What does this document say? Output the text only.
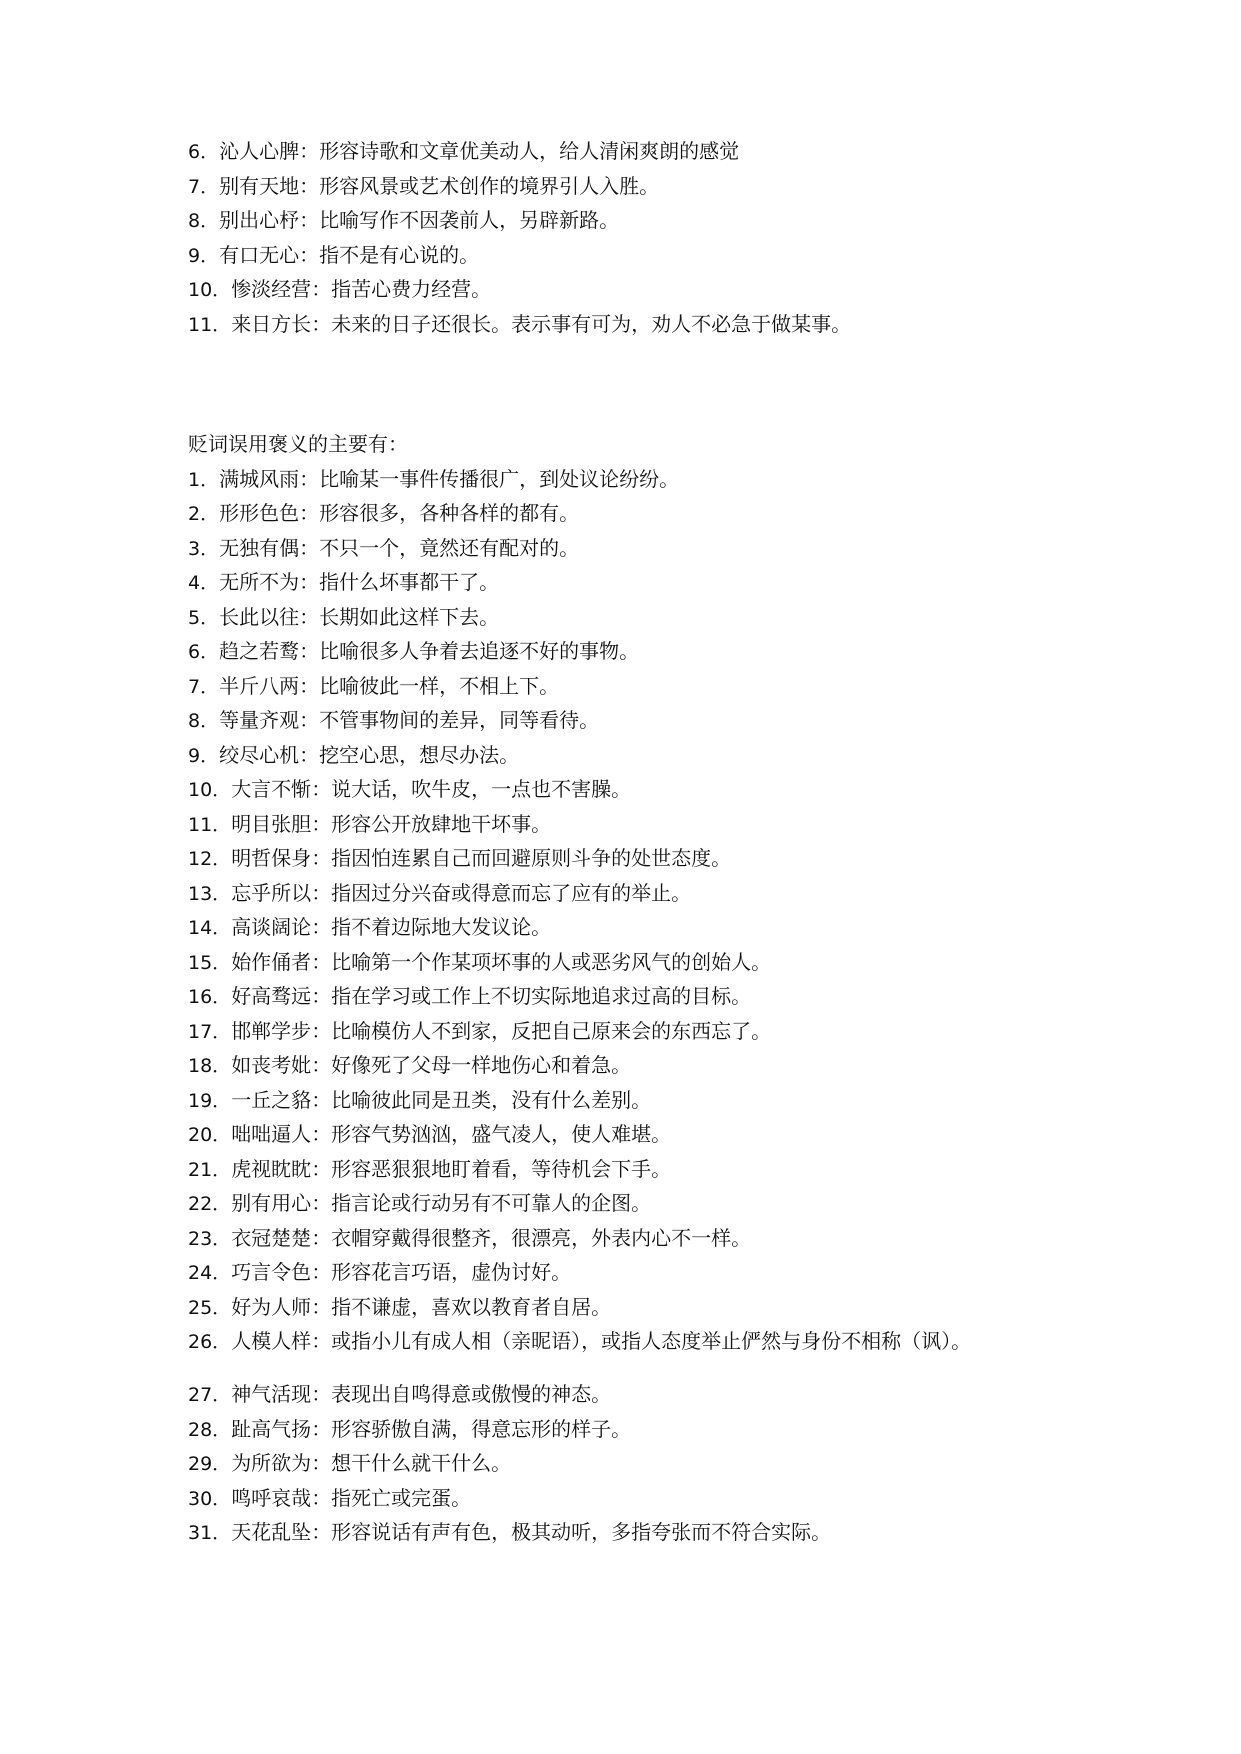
6．沁人心脾：形容诗歌和文章优美动人，给人清闲爽朗的感觉
7．别有天地：形容风景或艺术创作的境界引人入胜。
8．别出心杼：比喻写作不因袭前人，另辟新路。
9．有口无心：指不是有心说的。
10．惨淡经营：指苦心费力经营。
11．来日方长：未来的日子还很长。表示事有可为，劝人不必急于做某事。
贬词误用褒义的主要有：
1．满城风雨：比喻某一事件传播很广，到处议论纷纷。
2．形形色色：形容很多，各种各样的都有。
3．无独有偶：不只一个，竟然还有配对的。
4．无所不为：指什么坏事都干了。
5．长此以往：长期如此这样下去。
6．趋之若鹜：比喻很多人争着去追逐不好的事物。
7．半斤八两：比喻彼此一样，不相上下。
8．等量齐观：不管事物间的差异，同等看待。
9．绞尽心机：挖空心思，想尽办法。
10．大言不惭：说大话，吹牛皮，一点也不害臊。
11．明目张胆：形容公开放肆地干坏事。
12．明哲保身：指因怕连累自己而回避原则斗争的处世态度。
13．忘乎所以：指因过分兴奋或得意而忘了应有的举止。
14．高谈阔论：指不着边际地大发议论。
15．始作俑者：比喻第一个作某项坏事的人或恶劣风气的创始人。
16．好高骛远：指在学习或工作上不切实际地追求过高的目标。
17．邯郸学步：比喻模仿人不到家，反把自己原来会的东西忘了。
18．如丧考妣：好像死了父母一样地伤心和着急。
19．一丘之貉：比喻彼此同是丑类，没有什么差别。
20．咄咄逼人：形容气势汹汹，盛气凌人，使人难堪。
21．虎视眈眈：形容恶狠狠地盯着看，等待机会下手。
22．别有用心：指言论或行动另有不可靠人的企图。
23．衣冠楚楚：衣帽穿戴得很整齐，很漂亮，外表内心不一样。
24．巧言令色：形容花言巧语，虚伪讨好。
25．好为人师：指不谦虚，喜欢以教育者自居。
26．人模人样：或指小儿有成人相（亲昵语），或指人态度举止俨然与身份不相称（讽）。
27．神气活现：表现出自鸣得意或傲慢的神态。
28．趾高气扬：形容骄傲自满，得意忘形的样子。
29．为所欲为：想干什么就干什么。
30．鸣呼哀哉：指死亡或完蛋。
31．天花乱坠：形容说话有声有色，极其动听，多指夸张而不符合实际。
